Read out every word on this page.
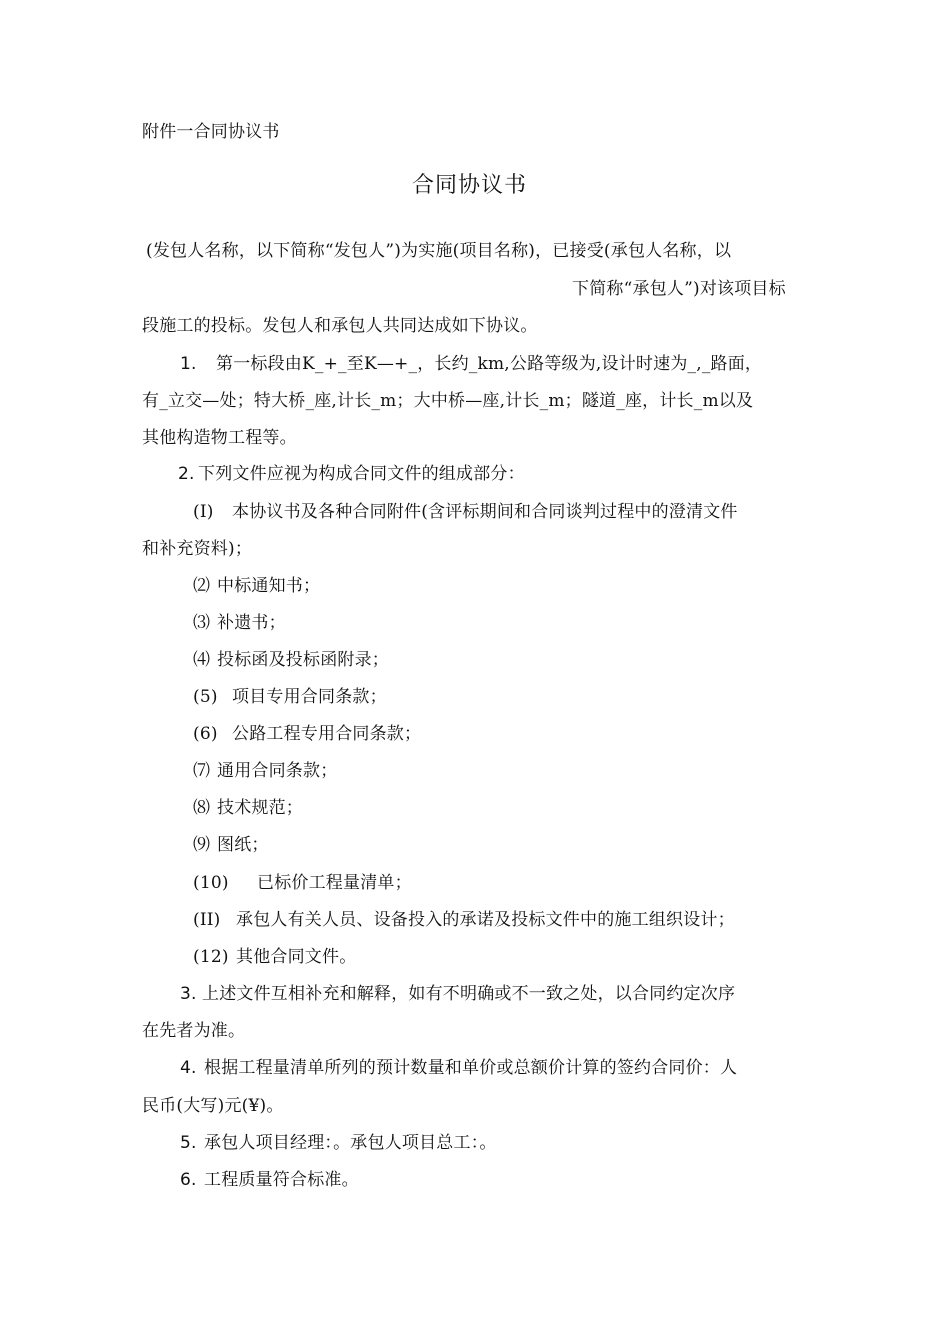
附件一合同协议书
合同协议书
(发包人名称，以下简称“发包人”)为实施(项目名称)，已接受(承包人名称，以
下简称“承包人”)对该项目标
段施工的投标。发包人和承包人共同达成如下协议。
1. 第一标段由K_+_至K—+_，长约_km,公路等级为,设计时速为_,_路面，
有_立交—处；特大桥_座,计长_m；大中桥—座,计长_m；隧道_座，计长_m以及
其他构造物工程等。
2. 下列文件应视为构成合同文件的组成部分：
(I) 本协议书及各种合同附件(含评标期间和合同谈判过程中的澄清文件
和补充资料)；
⑵ 中标通知书；
⑶ 补遗书；
⑷ 投标函及投标函附录；
(5) 项目专用合同条款；
(6) 公路工程专用合同条款；
⑺ 通用合同条款；
⑻ 技术规范；
⑼ 图纸；
(10) 已标价工程量清单；
(II) 承包人有关人员、设备投入的承诺及投标文件中的施工组织设计；
(12) 其他合同文件。
3. 上述文件互相补充和解释，如有不明确或不一致之处，以合同约定次序
在先者为准。
4. 根据工程量清单所列的预计数量和单价或总额价计算的签约合同价：人
民币(大写)元(¥)。
5. 承包人项目经理：。承包人项目总工：。
6. 工程质量符合标准。
